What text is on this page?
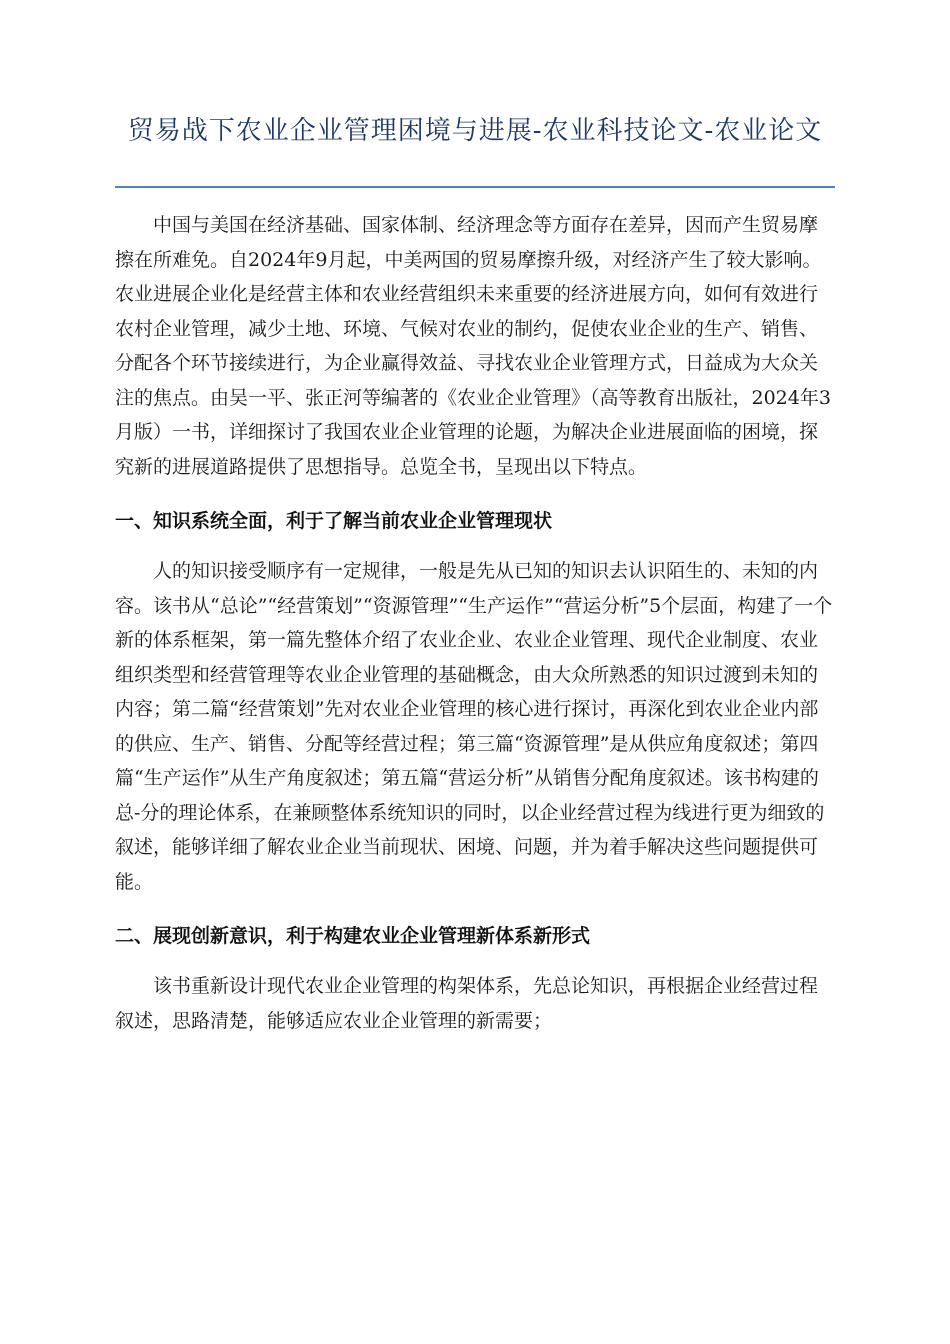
贸易战下农业企业管理困境与进展-农业科技论文-农业论文

中国与美国在经济基础、国家体制、经济理念等方面存在差异，因而产生贸易摩擦在所难免。自2024年9月起，中美两国的贸易摩擦升级，对经济产生了较大影响。农业进展企业化是经营主体和农业经营组织未来重要的经济进展方向，如何有效进行农村企业管理，减少土地、环境、气候对农业的制约，促使农业企业的生产、销售、分配各个环节接续进行，为企业赢得效益、寻找农业企业管理方式，日益成为大众关注的焦点。由吴一平、张正河等编著的《农业企业管理》（高等教育出版社，2024年3月版）一书，详细探讨了我国农业企业管理的论题，为解决企业进展面临的困境，探究新的进展道路提供了思想指导。总览全书，呈现出以下特点。

一、知识系统全面，利于了解当前农业企业管理现状

人的知识接受顺序有一定规律，一般是先从已知的知识去认识陌生的、未知的内容。该书从“总论”“经营策划”“资源管理”“生产运作”“营运分析”5个层面，构建了一个新的体系框架，第一篇先整体介绍了农业企业、农业企业管理、现代企业制度、农业组织类型和经营管理等农业企业管理的基础概念，由大众所熟悉的知识过渡到未知的内容；第二篇“经营策划”先对农业企业管理的核心进行探讨，再深化到农业企业内部的供应、生产、销售、分配等经营过程；第三篇“资源管理”是从供应角度叙述；第四篇“生产运作”从生产角度叙述；第五篇“营运分析”从销售分配角度叙述。该书构建的总-分的理论体系，在兼顾整体系统知识的同时，以企业经营过程为线进行更为细致的叙述，能够详细了解农业企业当前现状、困境、问题，并为着手解决这些问题提供可能。

二、展现创新意识，利于构建农业企业管理新体系新形式

该书重新设计现代农业企业管理的构架体系，先总论知识，再根据企业经营过程叙述，思路清楚，能够适应农业企业管理的新需要；
